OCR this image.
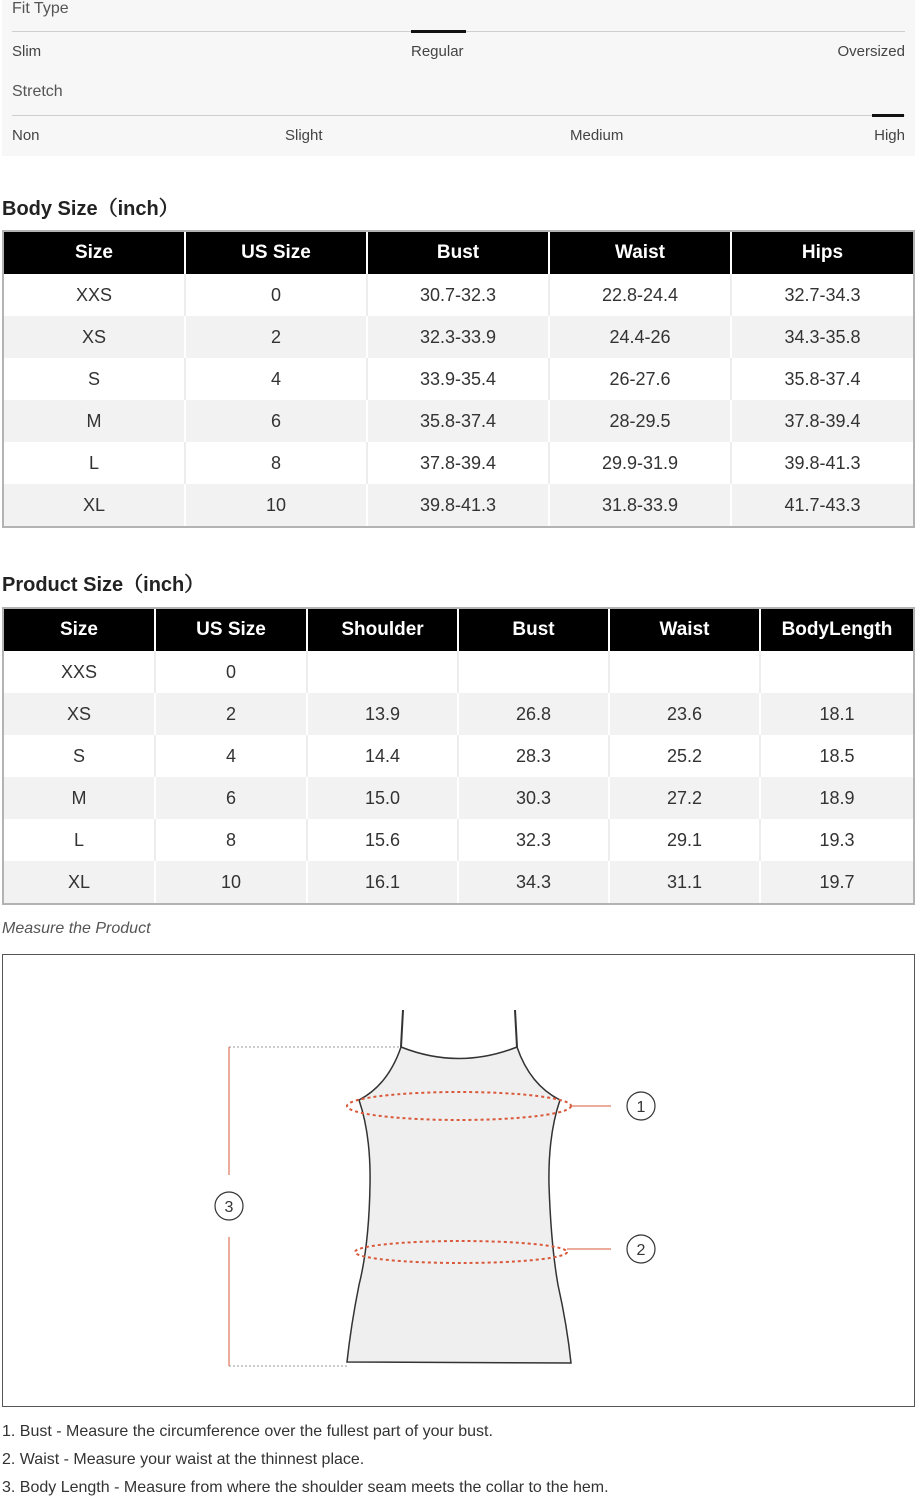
Fit Type
Slim	Regular	Oversized
Stretch
Non	Slight	Medium	High
Body Size（inch）
Size	US Size	Bust	Waist	Hips
XXS	0	30.7-32.3	22.8-24.4	32.7-34.3
XS	2	32.3-33.9	24.4-26	34.3-35.8
S	4	33.9-35.4	26-27.6	35.8-37.4
M	6	35.8-37.4	28-29.5	37.8-39.4
L	8	37.8-39.4	29.9-31.9	39.8-41.3
XL	10	39.8-41.3	31.8-33.9	41.7-43.3
Product Size（inch）
Size	US Size	Shoulder	Bust	Waist	BodyLength
XXS	0				
XS	2	13.9	26.8	23.6	18.1
S	4	14.4	28.3	25.2	18.5
M	6	15.0	30.3	27.2	18.9
L	8	15.6	32.3	29.1	19.3
XL	10	16.1	34.3	31.1	19.7
Measure the Product
1
2
3
1. Bust - Measure the circumference over the fullest part of your bust.
2. Waist - Measure your waist at the thinnest place.
3. Body Length - Measure from where the shoulder seam meets the collar to the hem.
